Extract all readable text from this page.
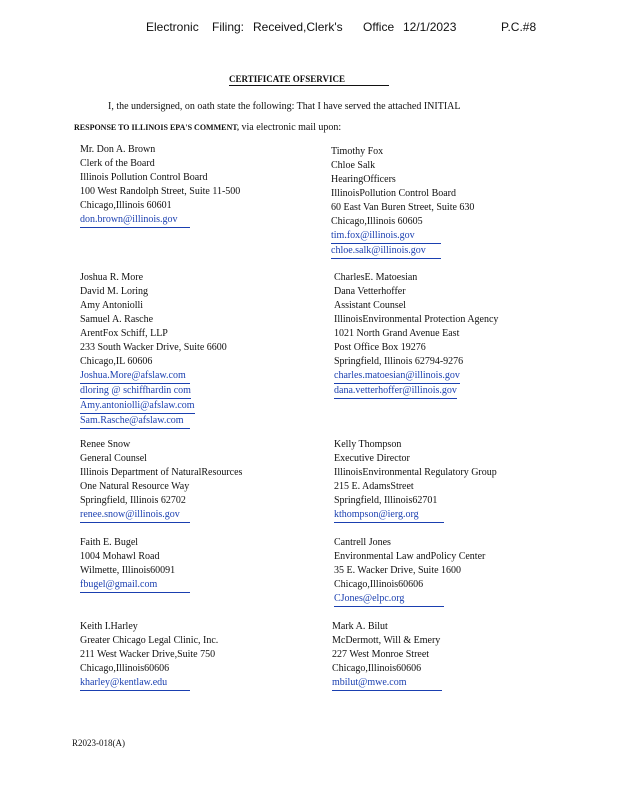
Electronic Filing: Received,Clerk's Office 12/1/2023	P.C.#8
CERTIFICATE OFSERVICE
I, the undersigned, on oath state the following: That I have served the attached INITIAL
RESPONSE TO ILLINOIS EPA'S COMMENT, via electronic mail upon:
Mr. Don A. Brown
Clerk of the Board
Illinois Pollution Control Board
100 West Randolph Street, Suite 11-500
Chicago,Illinois 60601
don.brown@illinois.gov
Timothy Fox
Chloe Salk
HearingOfficers
IllinoisPollution Control Board
60 East Van Buren Street, Suite 630
Chicago,Illinois 60605
tim.fox@illinois.gov
chloe.salk@illinois.gov
Joshua R. More
David M. Loring
Amy Antoniolli
Samuel A. Rasche
ArentFox Schiff, LLP
233 South Wacker Drive, Suite 6600
Chicago,IL 60606
Joshua.More@afslaw.com
dloring @ schiffhardin com
Amy.antoniolli@afslaw.com
Sam.Rasche@afslaw.com
CharlesE. Matoesian
Dana Vetterhoffer
Assistant Counsel
IllinoisEnvironmental Protection Agency
1021 North Grand Avenue East
Post Office Box 19276
Springfield, Illinois 62794-9276
charles.matoesian@illinois.gov
dana.vetterhoffer@illinois.gov
Renee Snow
General Counsel
Illinois Department of NaturalResources
One Natural Resource Way
Springfield, Illinois 62702
renee.snow@illinois.gov
Kelly Thompson
Executive Director
IllinoisEnvironmental Regulatory Group
215 E. AdamsStreet
Springfield, Illinois62701
kthompson@ierg.org
Faith E. Bugel
1004 Mohawl Road
Wilmette, Illinois60091
fbugel@gmail.com
Cantrell Jones
Environmental Law andPolicy Center
35 E. Wacker Drive, Suite 1600
Chicago,Illinois60606
CJones@elpc.org
Keith I.Harley
Greater Chicago Legal Clinic, Inc.
211 West Wacker Drive,Suite 750
Chicago,Illinois60606
kharley@kentlaw.edu
Mark A. Bilut
McDermott, Will & Emery
227 West Monroe Street
Chicago,Illinois60606
mbilut@mwe.com
R2023-018(A)
